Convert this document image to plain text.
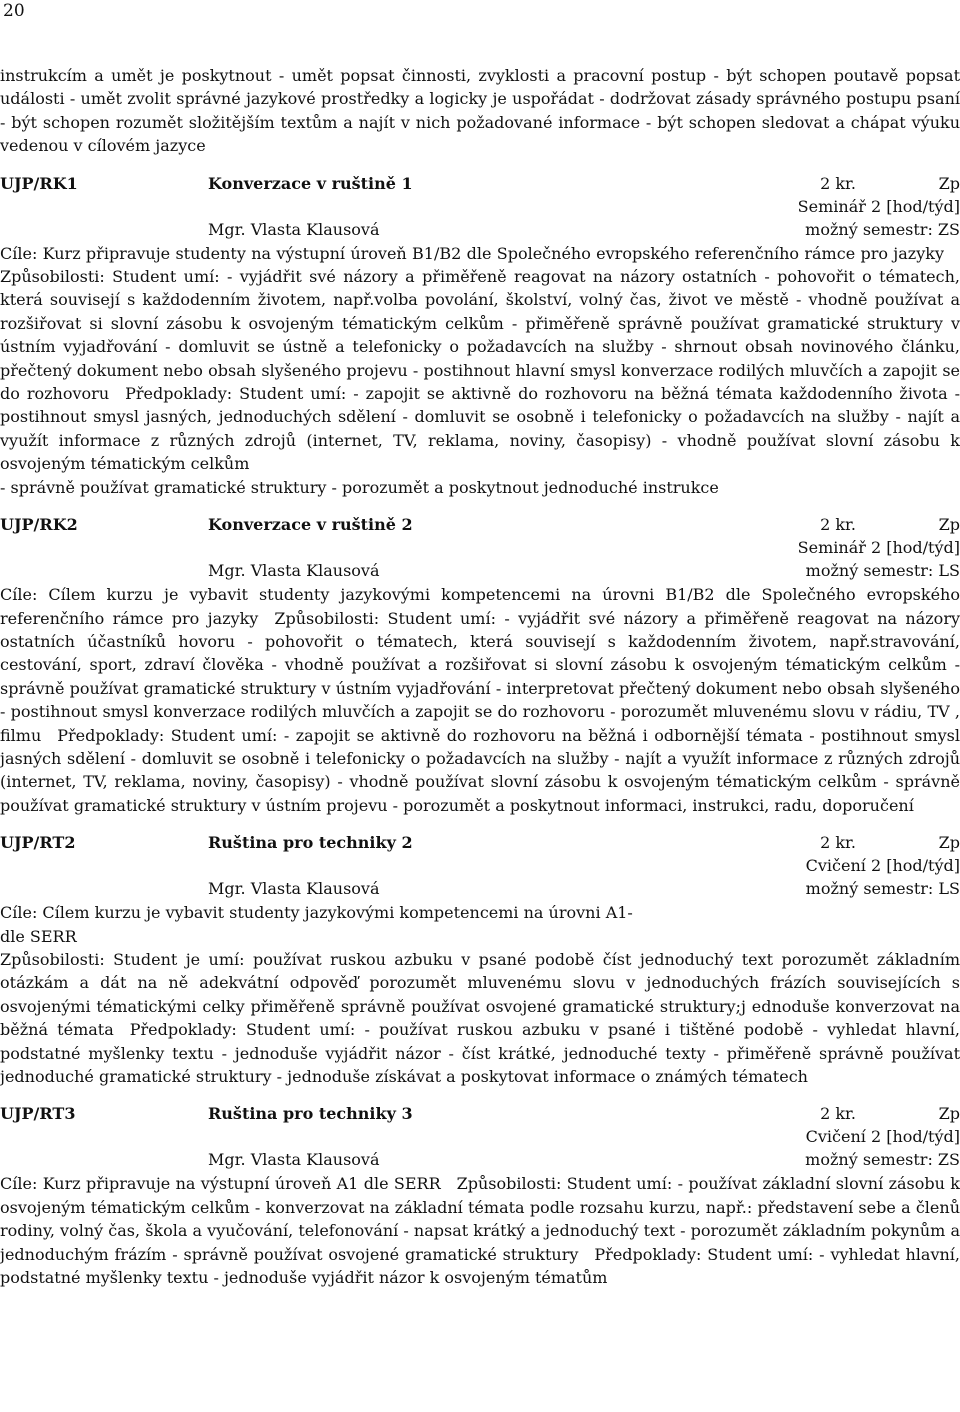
20

instrukcím a umět je poskytnout - umět popsat činnosti, zvyklosti a pracovní postup - být schopen poutavě popsat události - umět zvolit správné jazykové prostředky a logicky je uspořádat - dodržovat zásady správného postupu psaní - být schopen rozumět složitějším textům a najít v nich požadované informace - být schopen sledovat a chápat výuku vedenou v cílovém jazyce

UJP/RK1	Konverzace v ruštině 1	2 kr.	Zp
Seminář 2 [hod/týd]
Mgr. Vlasta Klausová	možný semestr: ZS

Cíle: Kurz připravuje studenty na výstupní úroveň B1/B2 dle Společného evropského referenčního rámce pro jazykyZpůsobilosti: Student umí: - vyjádřit své názory a přiměřeně reagovat na názory ostatních - pohovořit o tématech, která souvisejí s každodenním životem, např.volba povolání, školství, volný čas, život ve městě - vhodně používat a rozšiřovat si slovní zásobu k osvojeným tématickým celkům - přiměřeně správně používat gramatické struktury v ústním vyjadřování - domluvit se ústně a telefonicky o požadavcích na služby - shrnout obsah novinového článku, přečtený dokument nebo obsah slyšeného projevu - postihnout hlavní smysl konverzace rodilých mluvčích a zapojit se do rozhovoru Předpoklady: Student umí: - zapojit se aktivně do rozhovoru na běžná témata každodenního života - postihnout smysl jasných, jednoduchých sdělení - domluvit se osobně i telefonicky o požadavcích na služby - najít a využít informace z různých zdrojů (internet, TV, reklama, noviny, časopisy) - vhodně používat slovní zásobu k osvojeným tématickým celkům

- správně používat gramatické struktury - porozumět a poskytnout jednoduché instrukce

UJP/RK2	Konverzace v ruštině 2	2 kr.	Zp
Seminář 2 [hod/týd]
Mgr. Vlasta Klausová	možný semestr: LS

Cíle: Cílem kurzu je vybavit studenty jazykovými kompetencemi na úrovni B1/B2 dle Společného evropského referenčního rámce pro jazyky Způsobilosti: Student umí: - vyjádřit své názory a přiměřeně reagovat na názory ostatních účastníků hovoru - pohovořit o tématech, která souvisejí s každodenním životem, např.stravování, cestování, sport, zdraví člověka - vhodně používat a rozšiřovat si slovní zásobu k osvojeným tématickým celkům - správně používat gramatické struktury v ústním vyjadřování - interpretovat přečtený dokument nebo obsah slyšeného - postihnout smysl konverzace rodilých mluvčích a zapojit se do rozhovoru - porozumět mluvenému slovu v rádiu, TV , filmu Předpoklady: Student umí: - zapojit se aktivně do rozhovoru na běžná i odbornější témata - postihnout smysl jasných sdělení - domluvit se osobně i telefonicky o požadavcích na služby - najít a využít informace z různých zdrojů (internet, TV, reklama, noviny, časopisy) - vhodně používat slovní zásobu k osvojeným tématickým celkům - správně používat gramatické struktury v ústním projevu - porozumět a poskytnout informaci, instrukci, radu, doporučení

UJP/RT2	Ruština pro techniky 2	2 kr.	Zp
Cvičení 2 [hod/týd]
Mgr. Vlasta Klausová	možný semestr: LS

Cíle: Cílem kurzu je vybavit studenty jazykovými kompetencemi na úrovni A1-

dle SERR

Způsobilosti: Student je umí: používat ruskou azbuku v psané podobě číst jednoduchý text porozumět základním otázkám a dát na ně adekvátní odpověď porozumět mluvenému slovu v jednoduchých frázích souvisejících s osvojenými tématickými celky přiměřeně správně používat osvojené gramatické struktury;j ednoduše konverzovat na běžná témata Předpoklady: Student umí: - používat ruskou azbuku v psané i tištěné podobě - vyhledat hlavní, podstatné myšlenky textu - jednoduše vyjádřit názor - číst krátké, jednoduché texty - přiměřeně správně používat jednoduché gramatické struktury - jednoduše získávat a poskytovat informace o známých tématech

UJP/RT3	Ruština pro techniky 3	2 kr.	Zp
Cvičení 2 [hod/týd]
Mgr. Vlasta Klausová	možný semestr: ZS

Cíle: Kurz připravuje na výstupní úroveň A1 dle SERR Způsobilosti: Student umí: - používat základní slovní zásobu k osvojeným tématickým celkům - konverzovat na základní témata podle rozsahu kurzu, např.: představení sebe a členů rodiny, volný čas, škola a vyučování, telefonování - napsat krátký a jednoduchý text - porozumět základním pokynům a jednoduchým frázím - správně používat osvojené gramatické struktury Předpoklady: Student umí: - vyhledat hlavní, podstatné myšlenky textu - jednoduše vyjádřit názor k osvojeným tématům
